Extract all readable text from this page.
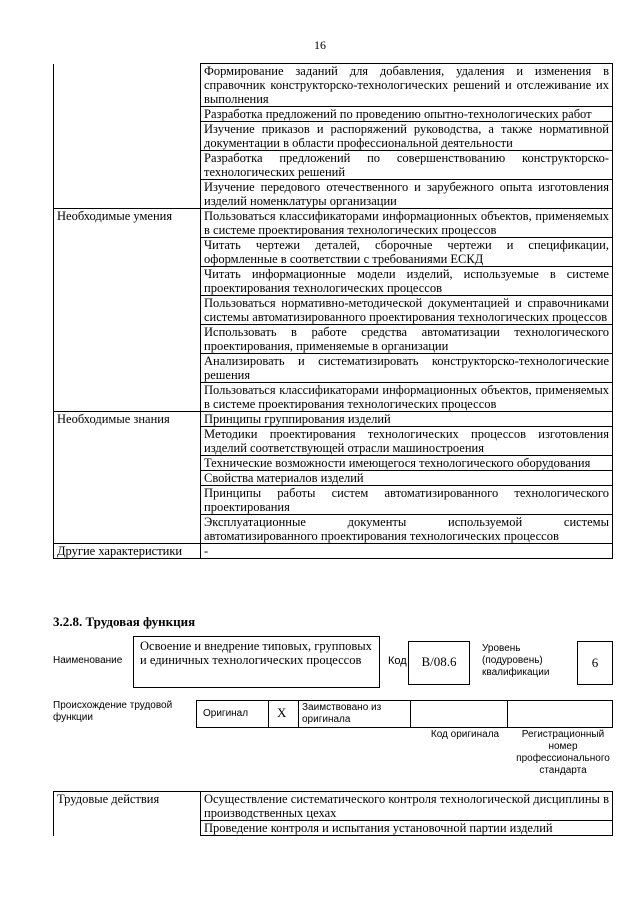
16
	Формирование заданий для добавления, удаления и изменения в справочник конструкторско-технологических решений и отслеживание их выполнения
	Разработка предложений по проведению опытно-технологических работ
	Изучение приказов и распоряжений руководства, а также нормативной документации в области профессиональной деятельности
	Разработка предложений по совершенствованию конструкторско-технологических решений
	Изучение передового отечественного и зарубежного опыта изготовления изделий номенклатуры организации
Необходимые умения	Пользоваться классификаторами информационных объектов, применяемых в системе проектирования технологических процессов
	Читать чертежи деталей, сборочные чертежи и спецификации, оформленные в соответствии с требованиями ЕСКД
	Читать информационные модели изделий, используемые в системе проектирования технологических процессов
	Пользоваться нормативно-методической документацией и справочниками системы автоматизированного проектирования технологических процессов
	Использовать в работе средства автоматизации технологического проектирования, применяемые в организации
	Анализировать и систематизировать конструкторско-технологические решения
	Пользоваться классификаторами информационных объектов, применяемых в системе проектирования технологических процессов
Необходимые знания	Принципы группирования изделий
	Методики проектирования технологических процессов изготовления изделий соответствующей отрасли машиностроения
	Технические возможности имеющегося технологического оборудования
	Свойства материалов изделий
	Принципы работы систем автоматизированного технологического проектирования
	Эксплуатационные документы используемой системы автоматизированного проектирования технологических процессов
Другие характеристики	-
3.2.8. Трудовая функция
Наименование
Освоение и внедрение типовых, групповых и единичных технологических процессов	Код	B/08.6
Уровень (подуровень) квалификации
6
Происхождение трудовой функции	Оригинал X Заимствовано из оригинала
Код оригинала	Регистрационный номер профессионального стандарта
Трудовые действия	Осуществление систематического контроля технологической дисциплины в производственных цехах
	Проведение контроля и испытания установочной партии изделий
